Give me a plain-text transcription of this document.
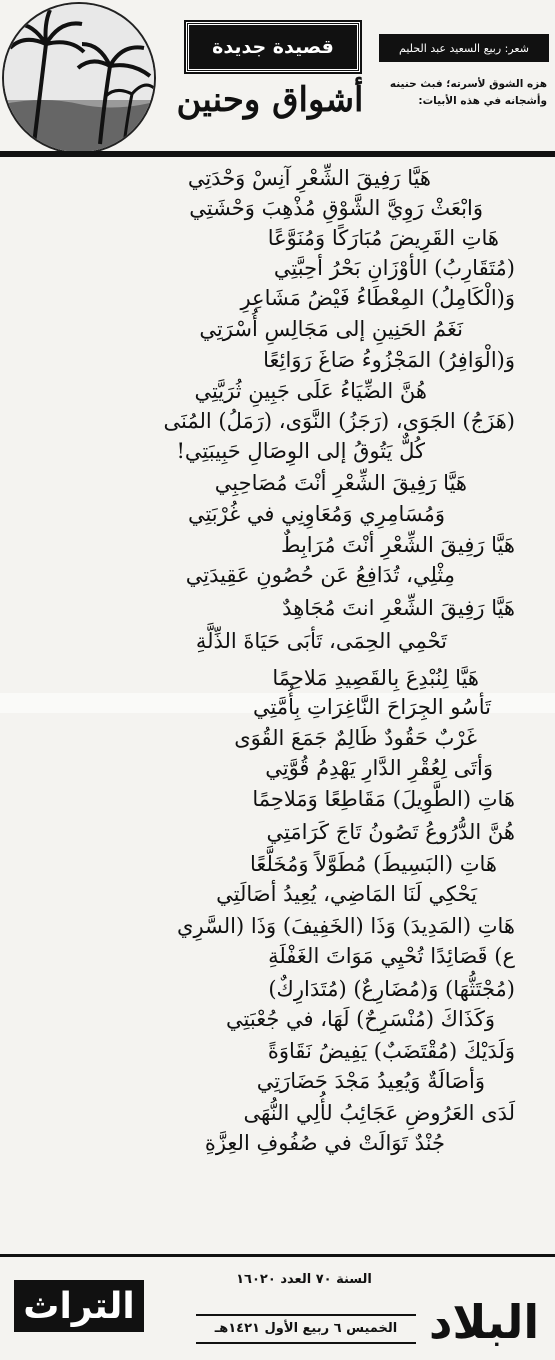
قصيدة جديدة
أشواق وحنين
شعر: ربيع السعيد عبد الحليم
هزه الشوق لأسرته؛ فبث حنينه
وأشجانه في هذه الأبيات:
هَيَّا رَفِيقَ الشِّعْرِ آنِسْ وَحْدَتِي
وَابْعَثْ رَوِيَّ الشَّوْقِ مُذْهِبَ وَحْشَتِي
هَاتِ القَرِيضَ مُبَارَكًا وَمُنَوَّعًا
(مُتَقَارِبُ) الأوْزَانِ بَحْرُ أحِبَّتِي
وَ(الْكَامِلُ) المِعْطَاءُ فَيْضُ مَشَاعِرِ
نَغَمُ الحَنِينِ إلى مَجَالِسِ أُسْرَتِي
وَ(الْوَافِرُ) المَجْزُوءُ صَاغَ رَوَائِعًا
هُنَّ الضِّيَاءُ عَلَى جَبِينِ ثُرَيَّتِي
(هَزَجُ) الجَوَى، (رَجَزُ) النَّوَى، (رَمَلُ) المُنَى
كُلٌّ يَتُوقُ إلى الوِصَالِ حَبِيبَتِي!
هَيَّا رَفِيقَ الشِّعْرِ أنْتَ مُصَاحِبِي
وَمُسَامِرِي وَمُعَاوِنِي في غُرْبَتِي
هَيَّا رَفِيقَ الشِّعْرِ أنْتَ مُرَابِطٌ
مِثْلِي، تُدَافِعُ عَن حُصُونِ عَقِيدَتِي
هَيَّا رَفِيقَ الشِّعْرِ انتَ مُجَاهِدٌ
تَحْمِي الحِمَى، تَأبَى حَيَاةَ الذِّلَّةِ
هَيَّا لِنُبْدِعَ بِالقَصِيدِ مَلاحِمًا
تَأسُو الجِرَاحَ النَّاغِرَاتِ بِأُمَّتِي
غَرْبٌ حَقُودٌ ظَالِمٌ جَمَعَ القُوَى
وَأتَى لِعُقْرِ الدَّارِ يَهْدِمُ قُوَّتِي
هَاتِ (الطَّوِيلَ) مَقَاطِعًا وَمَلاحِمًا
هُنَّ الدُّرُوعُ تَصُونُ تَاجَ كَرَامَتِي
هَاتِ (البَسِيطَ) مُطَوَّلاً وَمُخَلَّعًا
يَحْكِي لَنَا المَاضِي، يُعِيدُ أصَالَتِي
هَاتِ (المَدِيدَ) وَذَا (الخَفِيفَ) وَذَا (السَّرِي
ع) قَصَائِدًا تُحْيِي مَوَاتَ الغَفْلَةِ
(مُجْتَثُّهَا) وَ(مُضَارِعٌ) (مُتَدَارِكٌ)
وَكَذَاكَ (مُنْسَرِحٌ) لَهَا، في جُعْبَتِي
وَلَدَيْكَ (مُقْتَضَبٌ) يَفِيضُ نَقَاوَةً
وَأصَالَةٌ وَيُعِيدُ مَجْدَ حَضَارَتِي
لَدَى العَرُوضِ عَجَائِبُ لأُلِي النُّهَى
جُنْدٌ تَوَالَتْ في صُفُوفِ العِزَّةِ
التراث
السنة ٧٠ العدد ١٦٠٢٠
الخميس ٦ ربيع الأول ١٤٢١هـ البلاد
